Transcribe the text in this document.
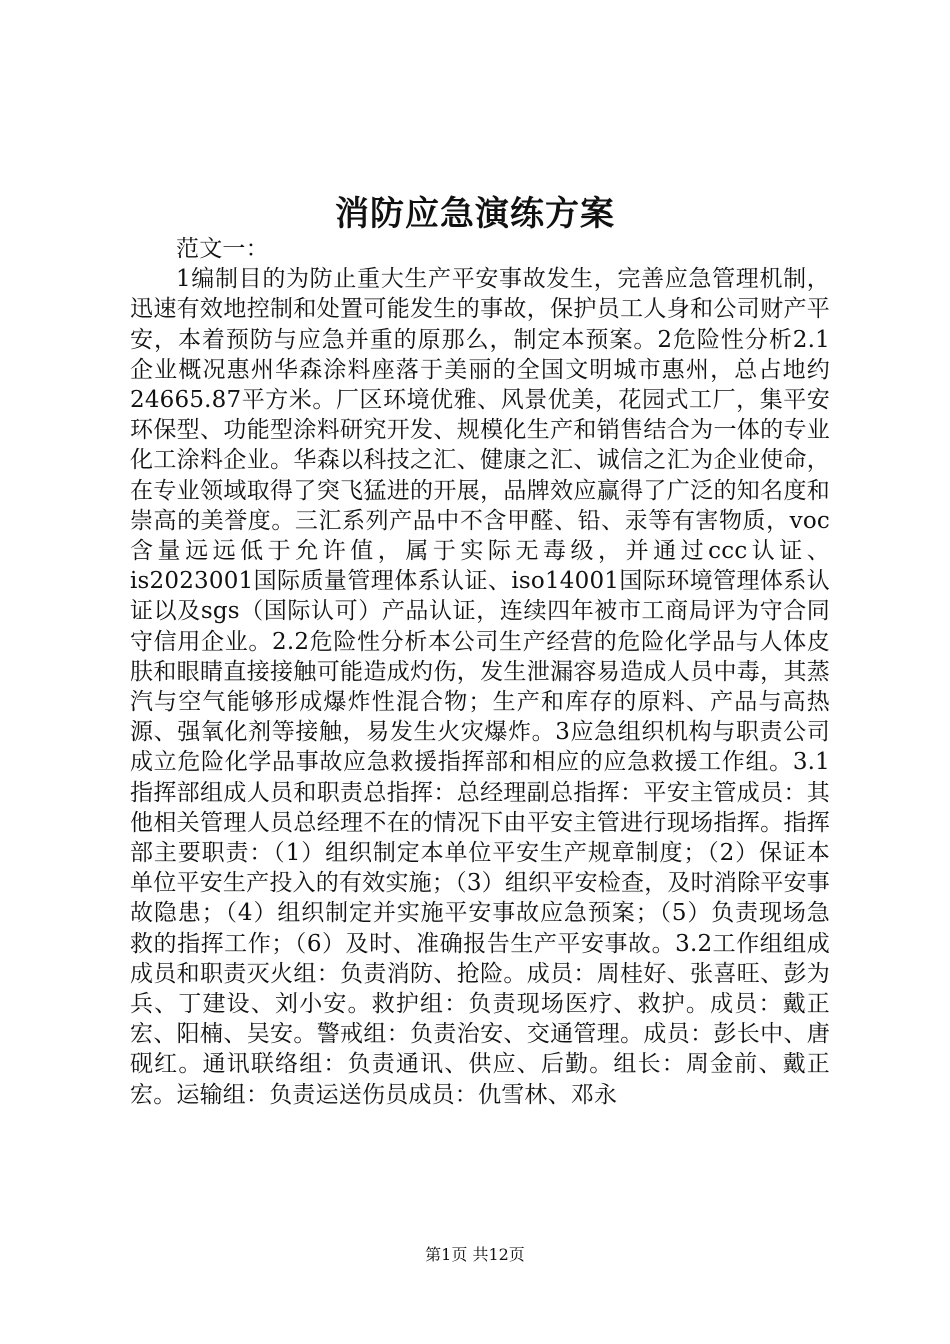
消防应急演练方案

范文一：

1编制目的为防止重大生产平安事故发生，完善应急管理机制，迅速有效地控制和处置可能发生的事故，保护员工人身和公司财产平安，本着预防与应急并重的原那么，制定本预案。2危险性分析2.1企业概况惠州华森涂料座落于美丽的全国文明城市惠州，总占地约24665.87平方米。厂区环境优雅、风景优美，花园式工厂，集平安环保型、功能型涂料研究开发、规模化生产和销售结合为一体的专业化工涂料企业。华森以科技之汇、健康之汇、诚信之汇为企业使命，在专业领域取得了突飞猛进的开展，品牌效应赢得了广泛的知名度和崇高的美誉度。三汇系列产品中不含甲醛、铅、汞等有害物质，voc含量远远低于允许值，属于实际无毒级，并通过ccc认证、is2023001国际质量管理体系认证、iso14001国际环境管理体系认证以及sgs（国际认可）产品认证，连续四年被市工商局评为守合同守信用企业。2.2危险性分析本公司生产经营的危险化学品与人体皮肤和眼睛直接接触可能造成灼伤，发生泄漏容易造成人员中毒，其蒸汽与空气能够形成爆炸性混合物；生产和库存的原料、产品与高热源、强氧化剂等接触，易发生火灾爆炸。3应急组织机构与职责公司成立危险化学品事故应急救援指挥部和相应的应急救援工作组。3.1指挥部组成人员和职责总指挥：总经理副总指挥：平安主管成员：其他相关管理人员总经理不在的情况下由平安主管进行现场指挥。指挥部主要职责：（1）组织制定本单位平安生产规章制度；（2）保证本单位平安生产投入的有效实施；（3）组织平安检查，及时消除平安事故隐患；（4）组织制定并实施平安事故应急预案；（5）负责现场急救的指挥工作；（6）及时、准确报告生产平安事故。3.2工作组组成成员和职责灭火组：负责消防、抢险。成员：周桂好、张喜旺、彭为兵、丁建设、刘小安。救护组：负责现场医疗、救护。成员：戴正宏、阳楠、吴安。警戒组：负责治安、交通管理。成员：彭长中、唐砚红。通讯联络组：负责通讯、供应、后勤。组长：周金前、戴正宏。运输组：负责运送伤员成员：仇雪林、邓永

第1页 共12页
